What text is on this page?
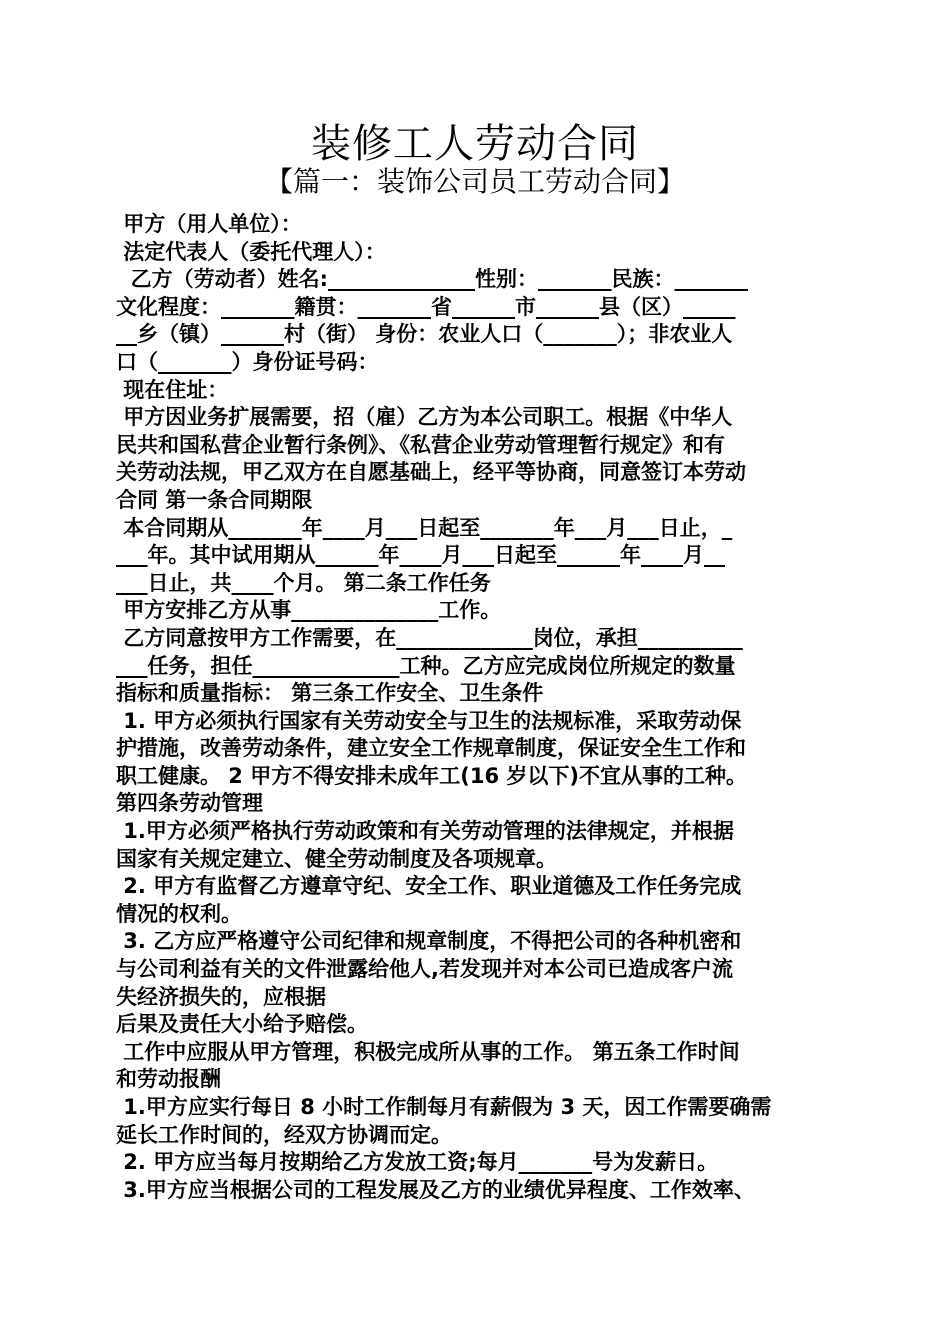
装修工人劳动合同
【篇一：装饰公司员工劳动合同】

甲方（用人单位）：

法定代表人（委托代理人）：

乙方（劳动者）姓名:______________性别：_______民族：_______

文化程度：_______籍贯：_______省______市______县（区）_____

__乡（镇）______村（街） 身份：农业人口（_______）；非农业人

口（_______）身份证号码：

现在住址：

甲方因业务扩展需要，招（雇）乙方为本公司职工。根据《中华人

民共和国私营企业暂行条例》、《私营企业劳动管理暂行规定》和有

关劳动法规，甲乙双方在自愿基础上，经平等协商，同意签订本劳动

合同 第一条合同期限

本合同期从_______年____月___日起至_______年___月___日止，_

___年。其中试用期从______年____月___日起至______年____月__

___日止，共____个月。 第二条工作任务

甲方安排乙方从事______________工作。

乙方同意按甲方工作需要，在_____________岗位，承担__________

___任务，担任______________工种。乙方应完成岗位所规定的数量

指标和质量指标： 第三条工作安全、卫生条件

1. 甲方必须执行国家有关劳动安全与卫生的法规标准，采取劳动保

护措施，改善劳动条件，建立安全工作规章制度，保证安全生工作和

职工健康。 2 甲方不得安排未成年工(16 岁以下)不宜从事的工种。

第四条劳动管理

1.甲方必须严格执行劳动政策和有关劳动管理的法律规定，并根据

国家有关规定建立、健全劳动制度及各项规章。

2. 甲方有监督乙方遵章守纪、安全工作、职业道德及工作任务完成

情况的权利。

3. 乙方应严格遵守公司纪律和规章制度，不得把公司的各种机密和

与公司利益有关的文件泄露给他人,若发现并对本公司已造成客户流

失经济损失的，应根据

后果及责任大小给予赔偿。

工作中应服从甲方管理，积极完成所从事的工作。 第五条工作时间

和劳动报酬

1.甲方应实行每日 8 小时工作制每月有薪假为 3 天，因工作需要确需

延长工作时间的，经双方协调而定。

2. 甲方应当每月按期给乙方发放工资;每月_______号为发薪日。

3.甲方应当根据公司的工程发展及乙方的业绩优异程度、工作效率、
